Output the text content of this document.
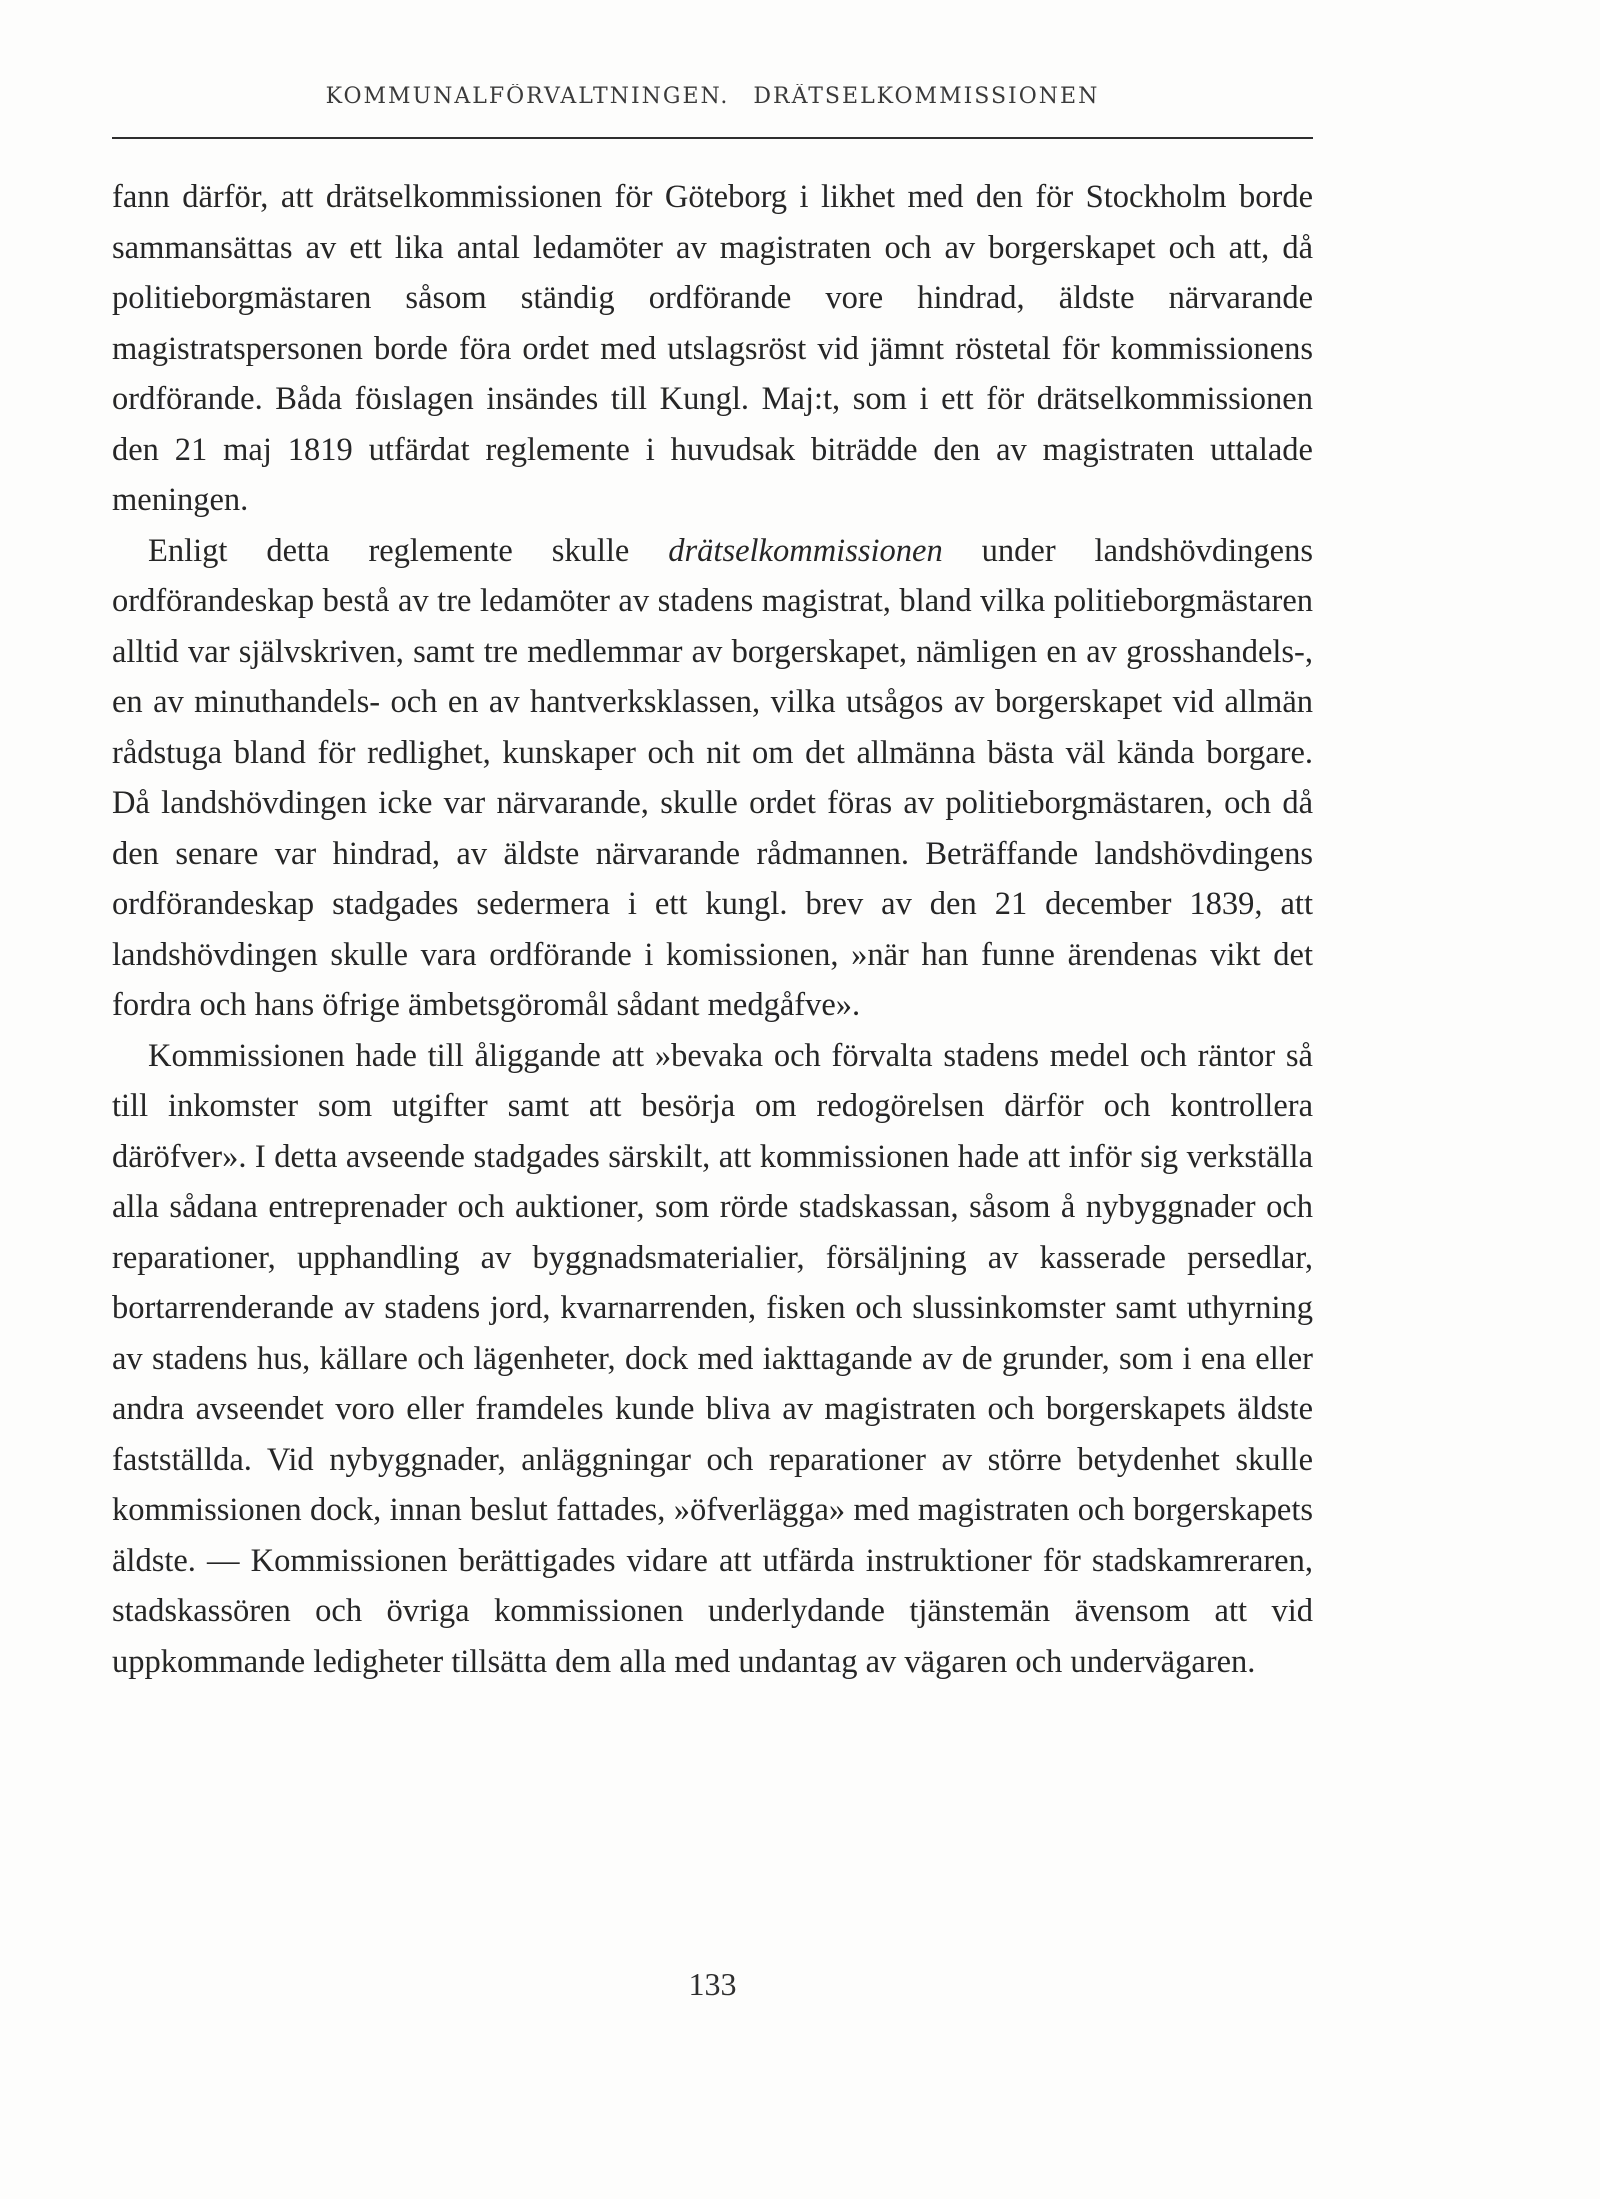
KOMMUNALFÖRVALTNINGEN. DRÄTSELKOMMISSIONEN

fann därför, att drätselkommissionen för Göteborg i likhet med den för Stockholm borde sammansättas av ett lika antal ledamöter av magistraten och av borgerskapet och att, då politieborgmästaren såsom ständig ordförande vore hindrad, äldste närvarande magistratspersonen borde föra ordet med utslagsröst vid jämnt röstetal för kommissionens ordförande. Båda föıslagen insändes till Kungl. Maj:t, som i ett för drätselkommissionen den 21 maj 1819 utfärdat reglemente i huvudsak biträdde den av magistraten uttalade meningen.

Enligt detta reglemente skulle drätselkommissionen under landshövdingens ordförandeskap bestå av tre ledamöter av stadens magistrat, bland vilka politieborgmästaren alltid var självskriven, samt tre medlemmar av borgerskapet, nämligen en av grosshandels-, en av minuthandels- och en av hantverksklassen, vilka utsågos av borgerskapet vid allmän rådstuga bland för redlighet, kunskaper och nit om det allmänna bästa väl kända borgare. Då landshövdingen icke var närvarande, skulle ordet föras av politieborgmästaren, och då den senare var hindrad, av äldste närvarande rådmannen. Beträffande landshövdingens ordförandeskap stadgades sedermera i ett kungl. brev av den 21 december 1839, att landshövdingen skulle vara ordförande i komissionen, »när han funne ärendenas vikt det fordra och hans öfrige ämbetsgöromål sådant medgåfve».

Kommissionen hade till åliggande att »bevaka och förvalta stadens medel och räntor så till inkomster som utgifter samt att besörja om redogörelsen därför och kontrollera däröfver». I detta avseende stadgades särskilt, att kommissionen hade att inför sig verkställa alla sådana entreprenader och auktioner, som rörde stadskassan, såsom å nybyggnader och reparationer, upphandling av byggnadsmaterialier, försäljning av kasserade persedlar, bortarrenderande av stadens jord, kvarnarrenden, fisken och slussinkomster samt uthyrning av stadens hus, källare och lägenheter, dock med iakttagande av de grunder, som i ena eller andra avseendet voro eller framdeles kunde bliva av magistraten och borgerskapets äldste fastställda. Vid nybyggnader, anläggningar och reparationer av större betydenhet skulle kommissionen dock, innan beslut fattades, »öfverlägga» med magistraten och borgerskapets äldste. — Kommissionen berättigades vidare att utfärda instruktioner för stadskamreraren, stadskassören och övriga kommissionen underlydande tjänstemän ävensom att vid uppkommande ledigheter tillsätta dem alla med undantag av vägaren och undervägaren.

133
